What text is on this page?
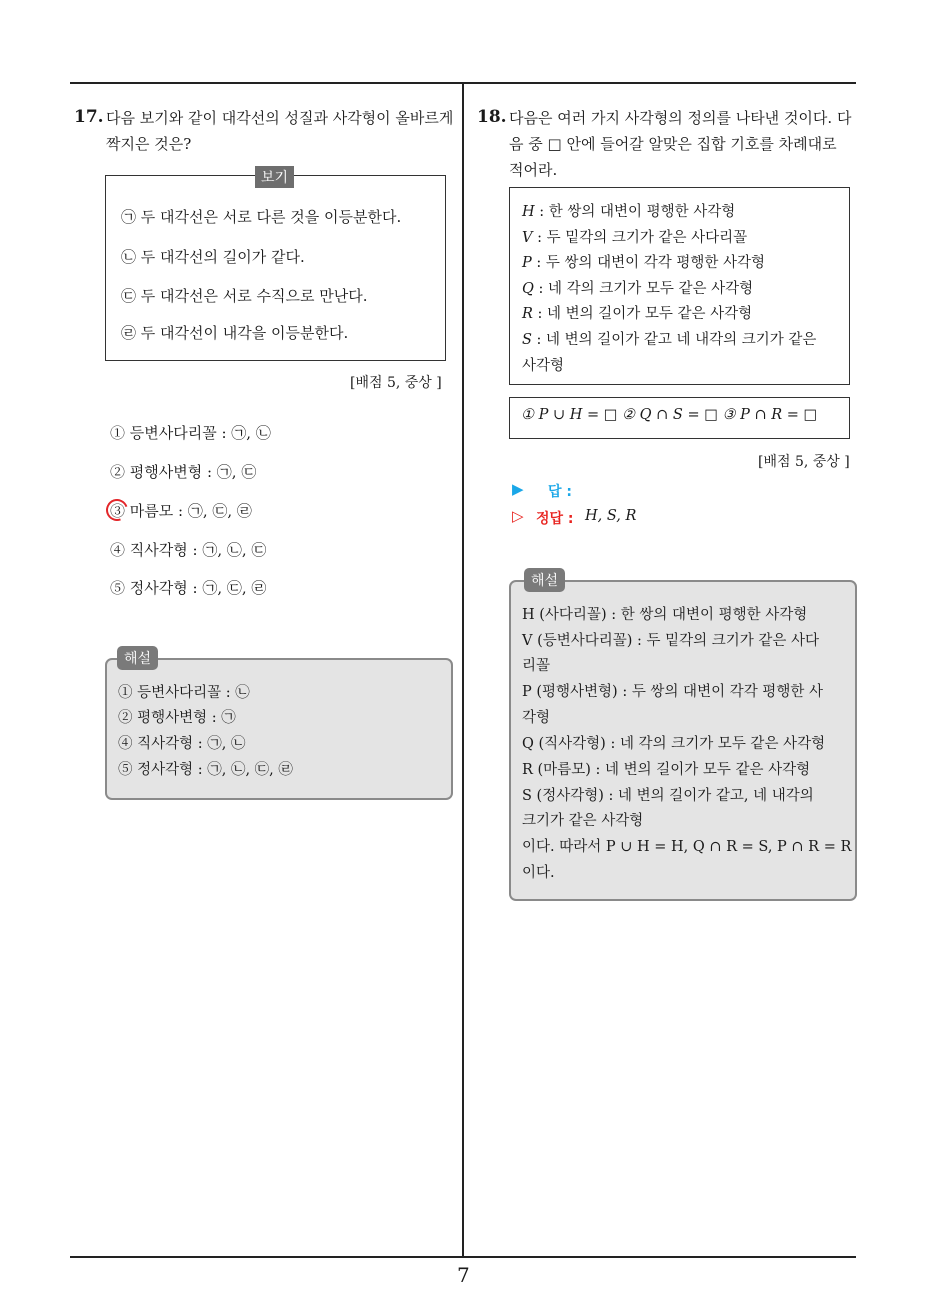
17. 다음 보기와 같이 대각선의 성질과 사각형이 올바르게
짝지은 것은?
보기
㉠ 두 대각선은 서로 다른 것을 이등분한다.
㉡ 두 대각선의 길이가 같다.
㉢ 두 대각선은 서로 수직으로 만난다.
㉣ 두 대각선이 내각을 이등분한다.
[배점 5, 중상 ]
① 등변사다리꼴 : ㉠, ㉡
② 평행사변형 : ㉠, ㉢
③ 마름모 : ㉠, ㉢, ㉣
④ 직사각형 : ㉠, ㉡, ㉢
⑤ 정사각형 : ㉠, ㉢, ㉣
해설
① 등변사다리꼴 : ㉡
② 평행사변형 : ㉠
④ 직사각형 : ㉠, ㉡
⑤ 정사각형 : ㉠, ㉡, ㉢, ㉣
18. 다음은 여러 가지 사각형의 정의를 나타낸 것이다. 다
음 중 □ 안에 들어갈 알맞은 집합 기호를 차례대로
적어라.
H : 한 쌍의 대변이 평행한 사각형
V : 두 밑각의 크기가 같은 사다리꼴
P : 두 쌍의 대변이 각각 평행한 사각형
Q : 네 각의 크기가 모두 같은 사각형
R : 네 변의 길이가 모두 같은 사각형
S : 네 변의 길이가 같고 네 내각의 크기가 같은
사각형
① P ∪ H = □ ② Q ∩ S = □ ③ P ∩ R = □
[배점 5, 중상 ]
▶ 답 :
▷ 정답 : H, S, R
해설
H (사다리꼴) : 한 쌍의 대변이 평행한 사각형
V (등변사다리꼴) : 두 밑각의 크기가 같은 사다
리꼴
P (평행사변형) : 두 쌍의 대변이 각각 평행한 사
각형
Q (직사각형) : 네 각의 크기가 모두 같은 사각형
R (마름모) : 네 변의 길이가 모두 같은 사각형
S (정사각형) : 네 변의 길이가 같고, 네 내각의
크기가 같은 사각형
이다. 따라서 P ∪ H = H, Q ∩ R = S, P ∩ R = R
이다.
7
